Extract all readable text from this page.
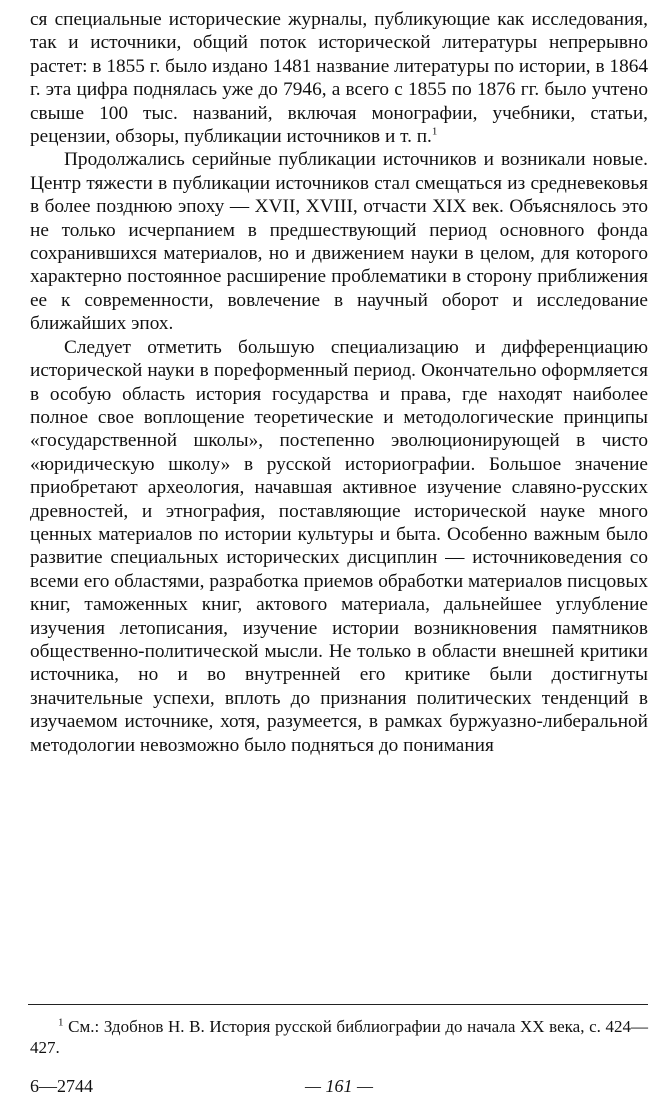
ся специальные исторические журналы, публикующие как исследования, так и источники, общий поток исторической литературы непрерывно растет: в 1855 г. было издано 1481 название литературы по истории, в 1864 г. эта цифра поднялась уже до 7946, а всего с 1855 по 1876 гг. было учтено свыше 100 тыс. названий, включая монографии, учебники, статьи, рецензии, обзоры, публикации источников и т. п.$^1$

Продолжались серийные публикации источников и возникали новые. Центр тяжести в публикации источников стал смещаться из средневековья в более позднюю эпоху — XVII, XVIII, отчасти XIX век. Объяснялось это не только исчерпанием в предшествующий период основного фонда сохранившихся материалов, но и движением науки в целом, для которого характерно постоянное расширение проблематики в сторону приближения ее к современности, вовлечение в научный оборот и исследование ближайших эпох.

Следует отметить большую специализацию и дифференциацию исторической науки в пореформенный период. Окончательно оформляется в особую область история государства и права, где находят наиболее полное свое воплощение теоретические и методологические принципы «государственной школы», постепенно эволюционирующей в чисто «юридическую школу» в русской историографии. Большое значение приобретают археология, начавшая активное изучение славяно-русских древностей, и этнография, поставляющие исторической науке много ценных материалов по истории культуры и быта. Особенно важным было развитие специальных исторических дисциплин — источниковедения со всеми его областями, разработка приемов обработки материалов писцовых книг, таможенных книг, актового материала, дальнейшее углубление изучения летописания, изучение истории возникновения памятников общественно-политической мысли. Не только в области внешней критики источника, но и во внутренней его критике были достигнуты значительные успехи, вплоть до признания политических тенденций в изучаемом источнике, хотя, разумеется, в рамках буржуазно-либеральной методологии невозможно было подняться до понимания

$^1$ См.: Здобнов Н. В. История русской библиографии до начала XX века, с. 424—427.
6—2744	— 161 —
